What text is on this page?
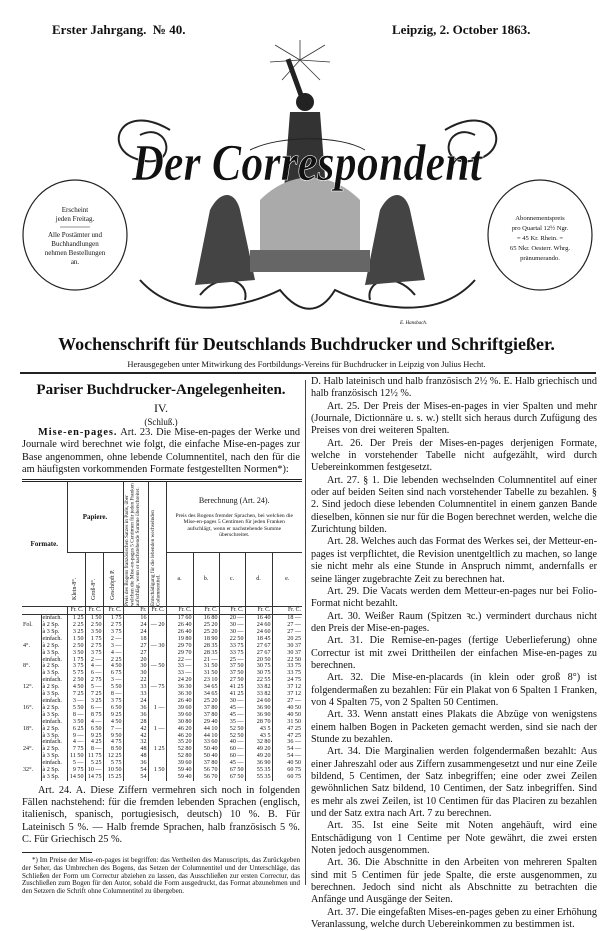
Erster Jahrgang. № 40.	Leipzig, 2. October 1863.
Der Correspondent
Erscheint
jeden Freitag.
Alle Postämter und
Buchhandlungen
nehmen Bestellungen
an.
Abonnementspreis
pro Quartal 12½ Ngr.
= 45 Kr. Rhein. =
65 Nkr. Oesterr. Whrg.
pränumerando.
E. Hansbach.
Wochenschrift für Deutschlands Buchdrucker und Schriftgießer.
Herausgegeben unter Mitwirkung des Fortbildungs-Vereins für Buchdrucker in Leipzig von Julius Hecht.
Pariser Buchdrucker-Angelegenheiten.
IV.
(Schluß.)

Mise-en-pages. Art. 23. Die Mise-en-pages der Werke und Journale wird berechnet wie folgt, die einfache Mise-en-pages zur Base angenommen, ohne lebende Columnentitel, nach den für die am häufigsten vorkommenden Formate festgestellten Normen*):

Formate.		Papiere.			Preis des Bogens französischen Satzes in Paris, über welchen die Mise-en-pages 5 Centimen für jeden Franken aufschlägt, wenn er nachstehende Summe überschreitet.	Entschädigung für die lebenden wechselnden Columnentitel.	Berechnung (Art. 24).
Preis des Bogens fremder Sprachen, bei welchen die Mise-en-pages 5 Centimen für jeden Franken aufschlägt, wenn er nachstehende Summe überschreitet.				

		Klein-8°.	Groß-8°.	Geschöpft P.			a.	b.	c.	d.	e.
		Fr. C.	Fr. C.	Fr. C.	Fr.	Fr. C.	Fr. C.	Fr. C.	Fr. C.	Fr. C.	Fr. C.
	einfach.	1 25	1 50	1 75	16		17 60	16 80	20 —	16 40	18 —
Fol.	à 2 Sp.	2 25	2 50	2 75	24	— 20	26 40	25 20	30 —	24 60	27 —
	à 3 Sp.	3 25	3 50	3 75	24		26 40	25 20	30 —	24 60	27 —
	einfach.	1 50	1 75	2 —	18		19 80	18 90	22 50	18 45	20 25
4°.	à 2 Sp.	2 50	2 75	3 —	27	— 30	29 70	28 35	33 75	27 67	30 37
	à 3 Sp.	3 50	3 75	4 —	27		29 70	28 35	33 75	27 67	30 37
	einfach.	1 75	2 —	2 25	20		22 —	21 —	25 —	20 50	22 50
8°.	à 2 Sp.	3 75	4 —	4 50	30	— 50	33 —	31 50	37 50	30 75	33 75
	à 3 Sp.	5 75	6 —	6 75	30		33 —	31 50	37 50	30 75	33 75
	einfach.	2 50	2 75	3 —	22		24 20	23 10	27 50	22 55	24 75
12°.	à 2 Sp.	4 50	5 —	5 50	33	— 75	36 30	34 65	41 25	33 82	37 12
	à 3 Sp.	7 25	7 25	8 —	33		36 30	34 65	41 25	33 82	37 12
	einfach.	3 —	3 25	3 75	24		26 40	25 20	30 —	24 60	27 —
16°.	à 2 Sp.	5 50	6 —	6 50	36	1 —	39 60	37 80	45 —	36 90	40 50
	à 3 Sp.	8 —	8 75	9 25	36		39 60	37 80	45 —	36 90	40 50
	einfach.	3 50	4 —	4 50	28		30 80	29 40	35 —	28 70	31 50
18°.	à 2 Sp.	6 25	6 50	7 —	42	1 —	46 20	44 10	52 50	43 5	47 25
	à 3 Sp.	9 —	9 25	9 50	42		46 20	44 10	52 50	43 5	47 25
	einfach.	4 —	4 25	4 75	32		35 20	33 60	40 —	32 80	36 —
24°.	à 2 Sp.	7 75	8 —	8 50	48	1 25	52 80	50 40	60 —	49 20	54 —
	à 3 Sp.	11 50	11 75	12 25	48		52 80	50 40	60 —	49 20	54 —
	einfach.	5 —	5 25	5 75	36		39 60	37 80	45 —	36 90	40 50
32°.	à 2 Sp.	9 75	10 —	10 50	54	1 50	59 40	56 70	67 50	55 35	60 75
	à 3 Sp.	14 50	14 75	15 25	54		59 40	56 70	67 50	55 35	60 75

Art. 24. A. Diese Ziffern vermehren sich noch in folgenden Fällen nachstehend: für die fremden lebenden Sprachen (englisch, italienisch, spanisch, portugiesisch, deutsch) 10 %. B. Für Lateinisch 5 %. — Halb fremde Sprachen, halb französisch 5 %. C. Für Griechisch 25 %.

*) Im Preise der Mise-en-pages ist begriffen: das Vertheilen des Manuscripts, das Zurückgeben der Seher, das Umbrechen des Bogens, das Setzen der Columnentitel und der Unterschläge, das Schließen der Form um Correctur abziehen zu lassen, das Ausschließen zur ersten Correctur, das Zuschließen zum Bogen für den Autor, sobald die Form ausgedruckt, das Format abzunehmen und den Setzern die Schrift ohne Columnentitel zu übergeben.

D. Halb lateinisch und halb französisch 2½ %. E. Halb griechisch und halb französisch 12½ %.

Art. 25. Der Preis der Mises-en-pages in vier Spalten und mehr (Journale, Dictionnäre u. s. w.) stellt sich heraus durch Zufügung des Preises von drei weiteren Spalten.

Art. 26. Der Preis der Mises-en-pages derjenigen Formate, welche in vorstehender Tabelle nicht aufgezählt, wird durch Uebereinkommen festgesetzt.

Art. 27. § 1. Die lebenden wechselnden Columnentitel auf einer oder auf beiden Seiten sind nach vorstehender Tabelle zu bezahlen. § 2. Sind jedoch diese lebenden Columnentitel in einem ganzen Bande dieselben, können sie nur für die Bogen berechnet werden, welche die Zurichtung bilden.

Art. 28. Welches auch das Format des Werkes sei, der Metteur-en-pages ist verpflichtet, die Revision unentgeltlich zu machen, so lange sie nicht mehr als eine Stunde in Anspruch nimmt, andernfalls er seine länger zugebrachte Zeit zu berechnen hat.

Art. 29. Die Vacats werden dem Metteur-en-pages nur bei Folio-Format nicht bezahlt.

Art. 30. Weißer Raum (Spitzen ꝛc.) vermindert durchaus nicht den Preis der Mise-en-pages.

Art. 31. Die Remise-en-pages (fertige Ueberlieferung) ohne Correctur ist mit zwei Drittheilen der einfachen Mise-en-pages zu berechnen.

Art. 32. Die Mise-en-placards (in klein oder groß 8°) ist folgendermaßen zu bezahlen: Für ein Plakat von 6 Spalten 1 Franken, von 4 Spalten 75, von 2 Spalten 50 Centimen.

Art. 33. Wenn anstatt eines Plakats die Abzüge von wenigstens einem halben Bogen in Packeten gemacht werden, sind sie nach der Stunde zu bezahlen.

Art. 34. Die Marginalien werden folgendermaßen bezahlt: Aus einer Jahreszahl oder aus Ziffern zusammengesetzt und nur eine Zeile bildend, 5 Centimen, der Satz inbegriffen; eine oder zwei Zeilen gewöhnlichen Satz bildend, 10 Centimen, der Satz inbegriffen. Sind es mehr als zwei Zeilen, ist 10 Centimen für das Placiren zu bezahlen und der Satz extra nach Art. 7 zu berechnen.

Art. 35. Ist eine Seite mit Noten angehäuft, wird eine Entschädigung von 1 Centime per Note gewährt, die zwei ersten Noten jedoch ausgenommen.

Art. 36. Die Abschnitte in den Arbeiten von mehreren Spalten sind mit 5 Centimen für jede Spalte, die erste ausgenommen, zu berechnen. Jedoch sind nicht als Abschnitte zu betrachten die Anfänge und Ausgänge der Seiten.

Art. 37. Die eingefaßten Mises-en-pages geben zu einer Erhöhung Veranlassung, welche durch Uebereinkommen zu bestimmen ist.
